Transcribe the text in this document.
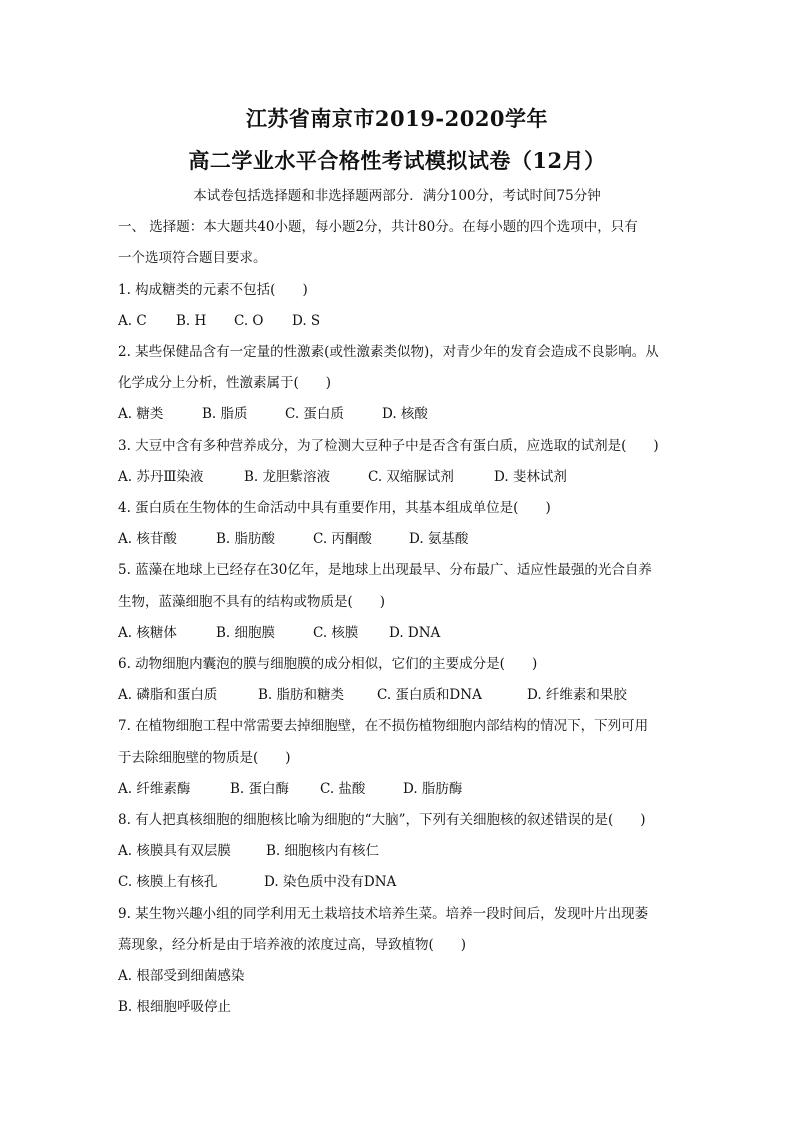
江苏省南京市2019-2020学年
高二学业水平合格性考试模拟试卷（12月）
本试卷包括选择题和非选择题两部分．满分100分，考试时间75分钟
一、 选择题：本大题共40小题，每小题2分，共计80分。在每小题的四个选项中，只有
一个选项符合题目要求。
1. 构成糖类的元素不包括(　　)
A. C B. H C. O D. S
2. 某些保健品含有一定量的性激素(或性激素类似物)，对青少年的发育会造成不良影响。从
化学成分上分析，性激素属于(　　)
A. 糖类	B. 脂质	C. 蛋白质	D. 核酸
3. 大豆中含有多种营养成分，为了检测大豆种子中是否含有蛋白质，应选取的试剂是(　　)
A. 苏丹Ⅲ染液	B. 龙胆紫溶液	C. 双缩脲试剂	D. 斐林试剂
4. 蛋白质在生物体的生命活动中具有重要作用，其基本组成单位是(　　)
A. 核苷酸	B. 脂肪酸	C. 丙酮酸	D. 氨基酸
5. 蓝藻在地球上已经存在30亿年，是地球上出现最早、分布最广、适应性最强的光合自养
生物，蓝藻细胞不具有的结构或物质是(　　)
A. 核糖体	B. 细胞膜	C. 核膜 D. DNA
6. 动物细胞内囊泡的膜与细胞膜的成分相似，它们的主要成分是(　　)
A. 磷脂和蛋白质	B. 脂肪和糖类 C. 蛋白质和DNA	D. 纤维素和果胶
7. 在植物细胞工程中常需要去掉细胞壁，在不损伤植物细胞内部结构的情况下，下列可用
于去除细胞壁的物质是(　　)
A. 纤维素酶	B. 蛋白酶 C. 盐酸	D. 脂肪酶
8. 有人把真核细胞的细胞核比喻为细胞的“大脑”，下列有关细胞核的叙述错误的是(　　)
A. 核膜具有双层膜	B. 细胞核内有核仁
C. 核膜上有核孔	D. 染色质中没有DNA
9. 某生物兴趣小组的同学利用无土栽培技术培养生菜。培养一段时间后，发现叶片出现萎
蔫现象，经分析是由于培养液的浓度过高，导致植物(　　)
A. 根部受到细菌感染
B. 根细胞呼吸停止
